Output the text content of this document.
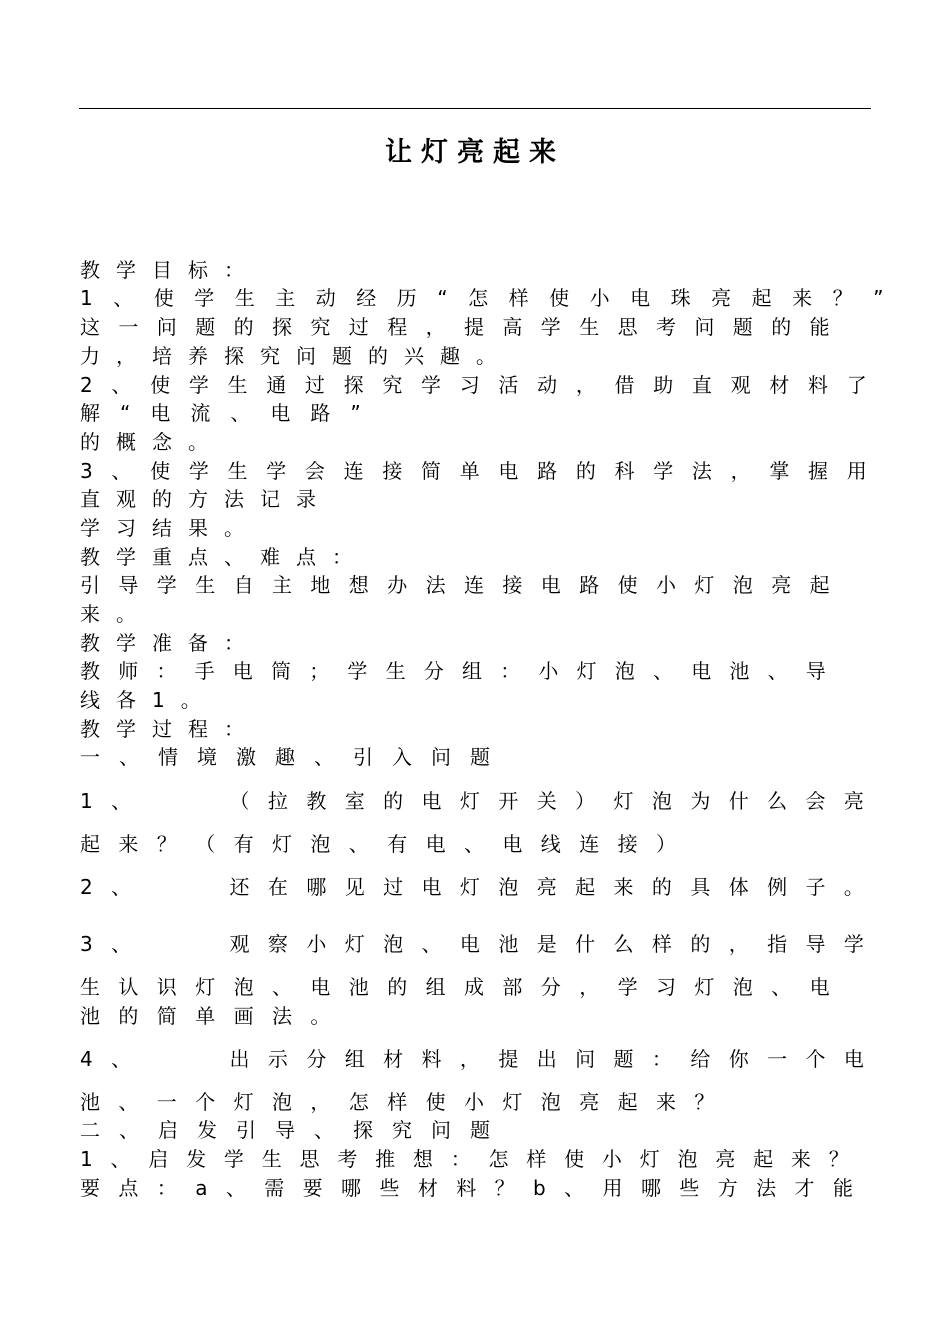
让灯亮起来
教学目标：
1、使学生主动经历“怎样使小电珠亮起来？”
这一问题的探究过程，提高学生思考问题的能
力，培养探究问题的兴趣。
2、使学生通过探究学习活动，借助直观材料了
解“电流、电路”
的概念。
3、使学生学会连接简单电路的科学法，掌握用
直观的方法记录
学习结果。
教学重点、难点：
引导学生自主地想办法连接电路使小灯泡亮起
来。
教学准备：
教师：手电筒；学生分组：小灯泡、电池、导
线各1。
教学过程：
一、情境激趣、引入问题
1、	（拉教室的电灯开关）灯泡为什么会亮
起来？（有灯泡、有电、电线连接）
2、	还在哪见过电灯泡亮起来的具体例子。
3、	观察小灯泡、电池是什么样的，指导学
生认识灯泡、电池的组成部分，学习灯泡、电
池的简单画法。
4、	出示分组材料，提出问题：给你一个电
池、一个灯泡，怎样使小灯泡亮起来？
二、启发引导、探究问题
1、启发学生思考推想：怎样使小灯泡亮起来？
要点：a、需要哪些材料？b、用哪些方法才能
